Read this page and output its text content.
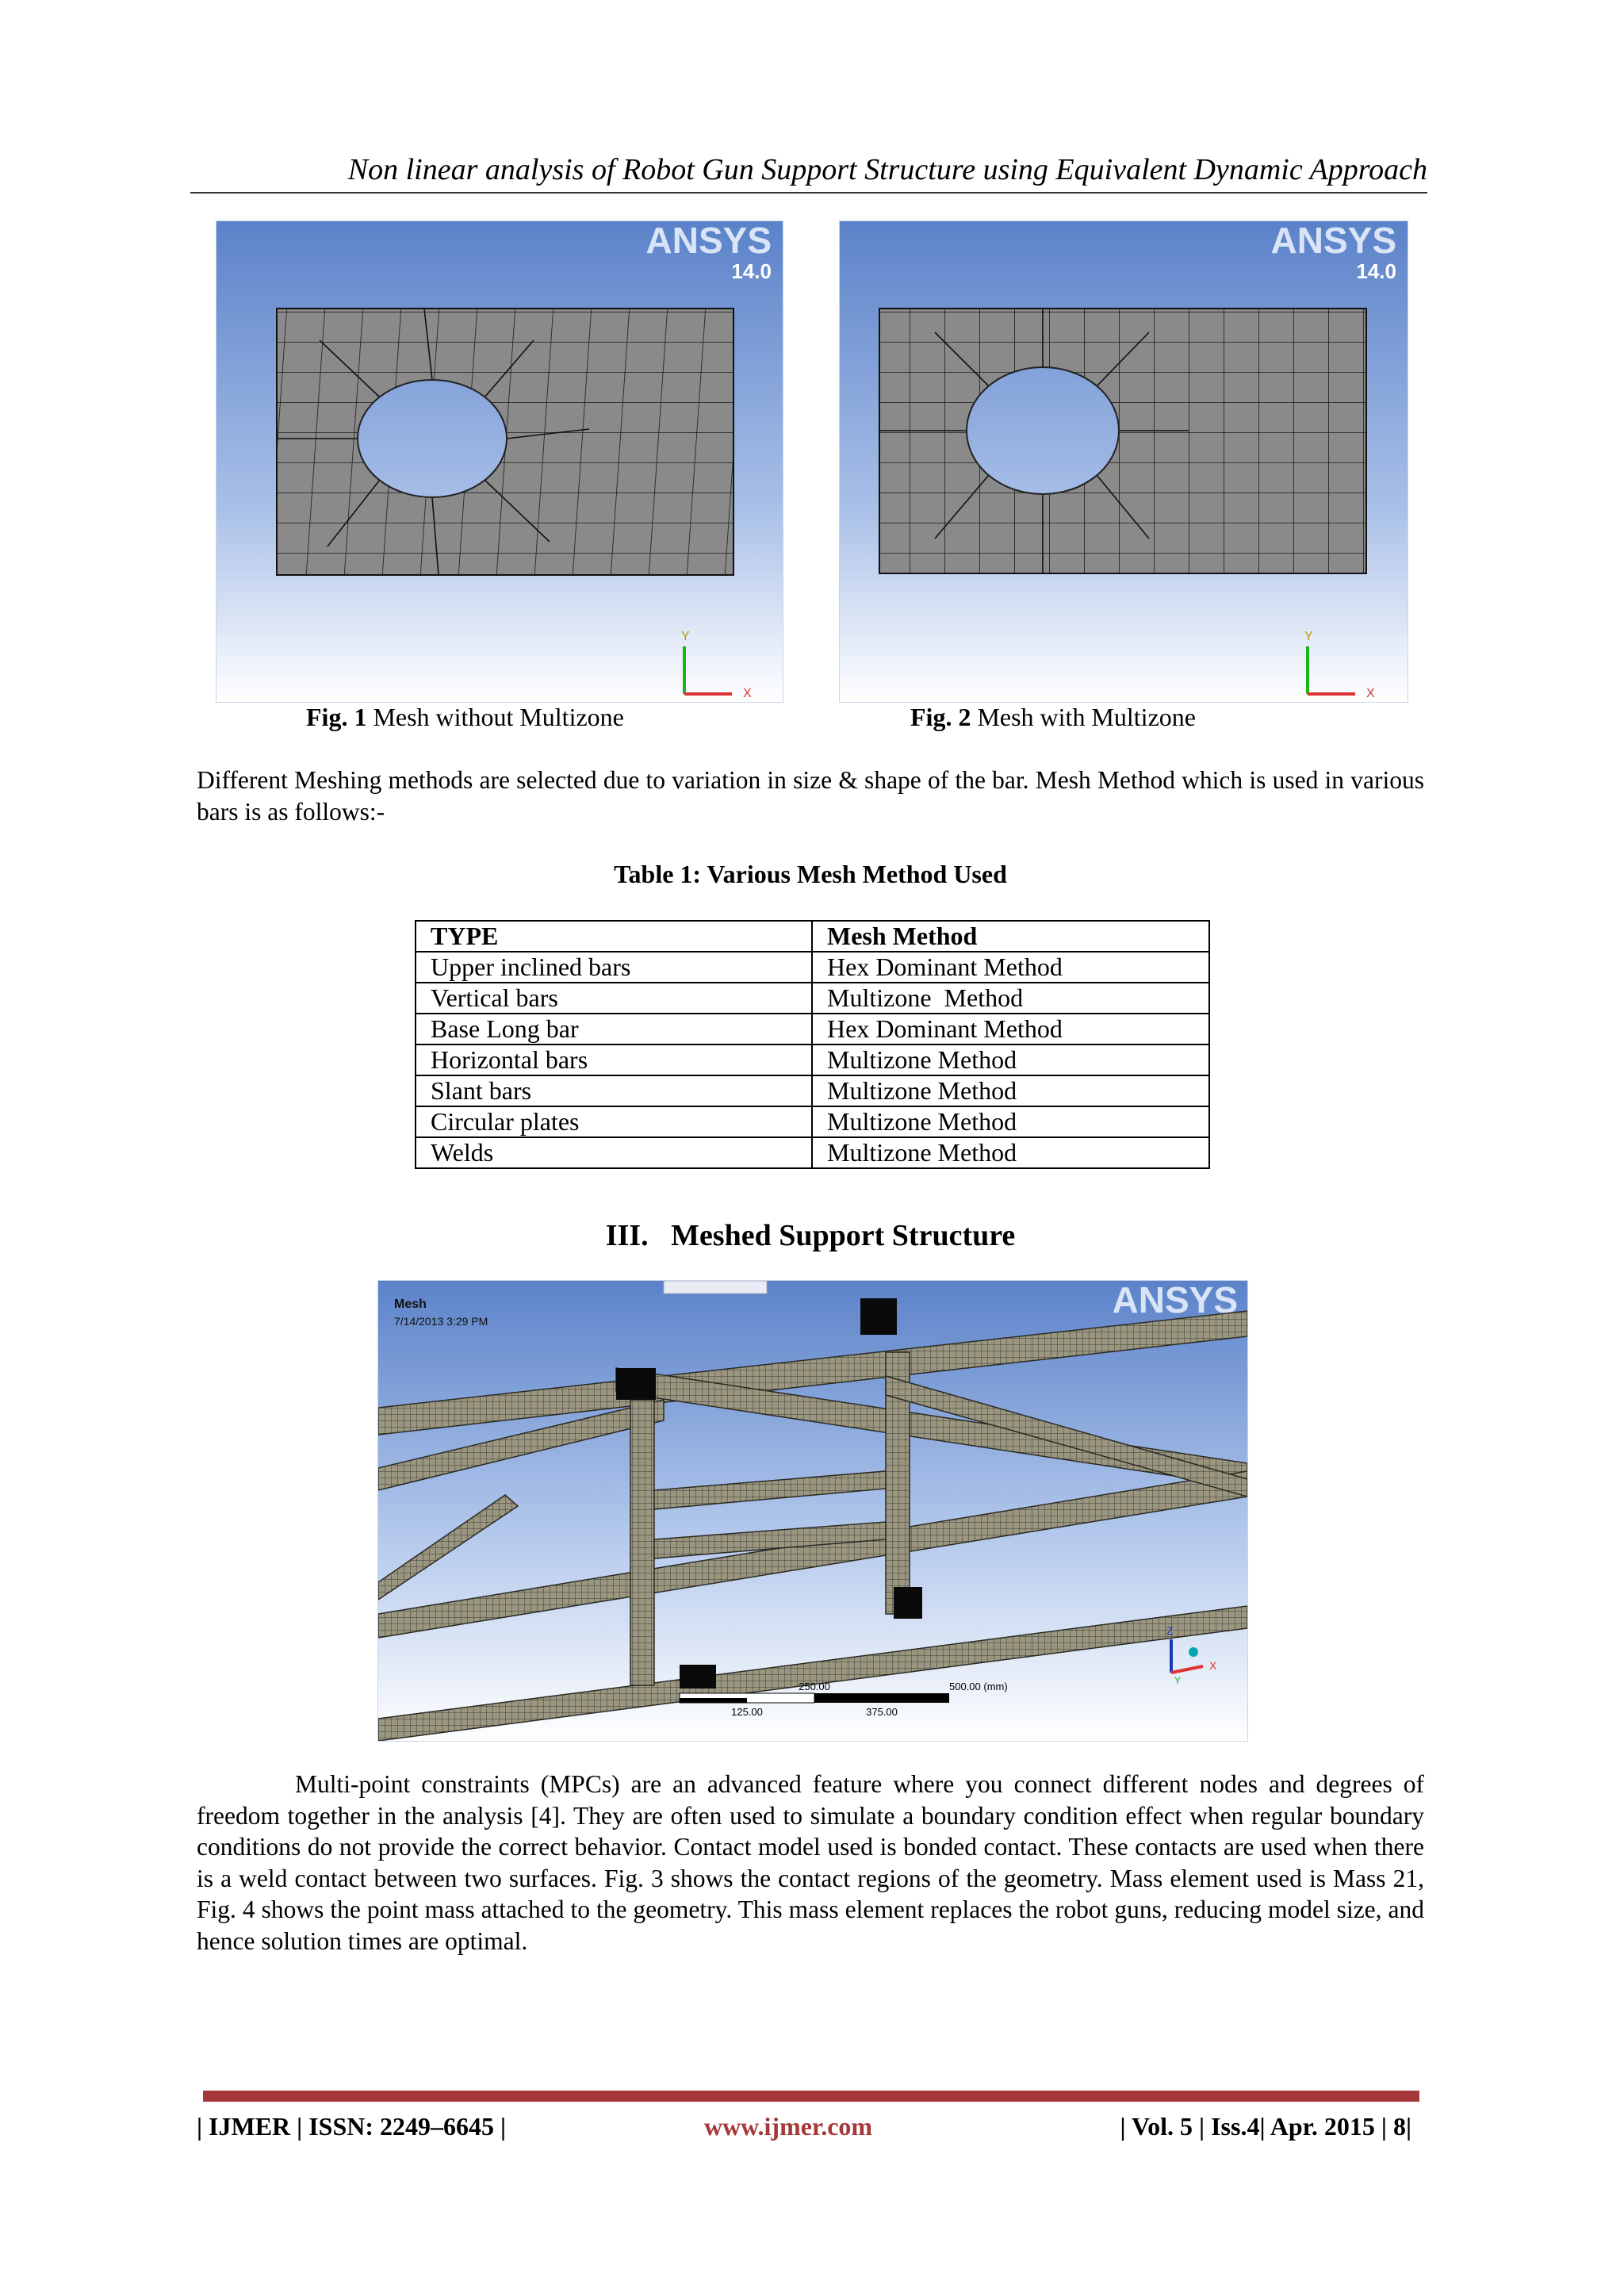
Non linear analysis of Robot Gun Support Structure using Equivalent Dynamic Approach
ANSYS
14.0
Y
X
Fig. 1 Mesh without Multizone
ANSYS
14.0
Y
X
Fig. 2 Mesh with Multizone
Different Meshing methods are selected due to variation in size & shape of the bar. Mesh Method which is used in various bars is as follows:-
Table 1: Various Mesh Method Used
TYPE	Mesh Method
Upper inclined bars	Hex Dominant Method
Vertical bars	Multizone  Method
Base Long bar	Hex Dominant Method
Horizontal bars	Multizone Method
Slant bars	Multizone Method
Circular plates	Multizone Method
Welds	Multizone Method
III. Meshed Support Structure
Mesh
7/14/2013 3:29 PM
ANSYS
250.00	500.00 (mm)
125.00	375.00
Z
X
Y
Multi-point constraints (MPCs) are an advanced feature where you connect different nodes and degrees of freedom together in the analysis [4]. They are often used to simulate a boundary condition effect when regular boundary conditions do not provide the correct behavior. Contact model used is bonded contact. These contacts are used when there is a weld contact between two surfaces. Fig. 3 shows the contact regions of the geometry. Mass element used is Mass 21, Fig. 4 shows the point mass attached to the geometry. This mass element replaces the robot guns, reducing model size, and hence solution times are optimal.
| IJMER | ISSN: 2249–6645 |	www.ijmer.com	| Vol. 5 | Iss.4| Apr. 2015 | 8|
